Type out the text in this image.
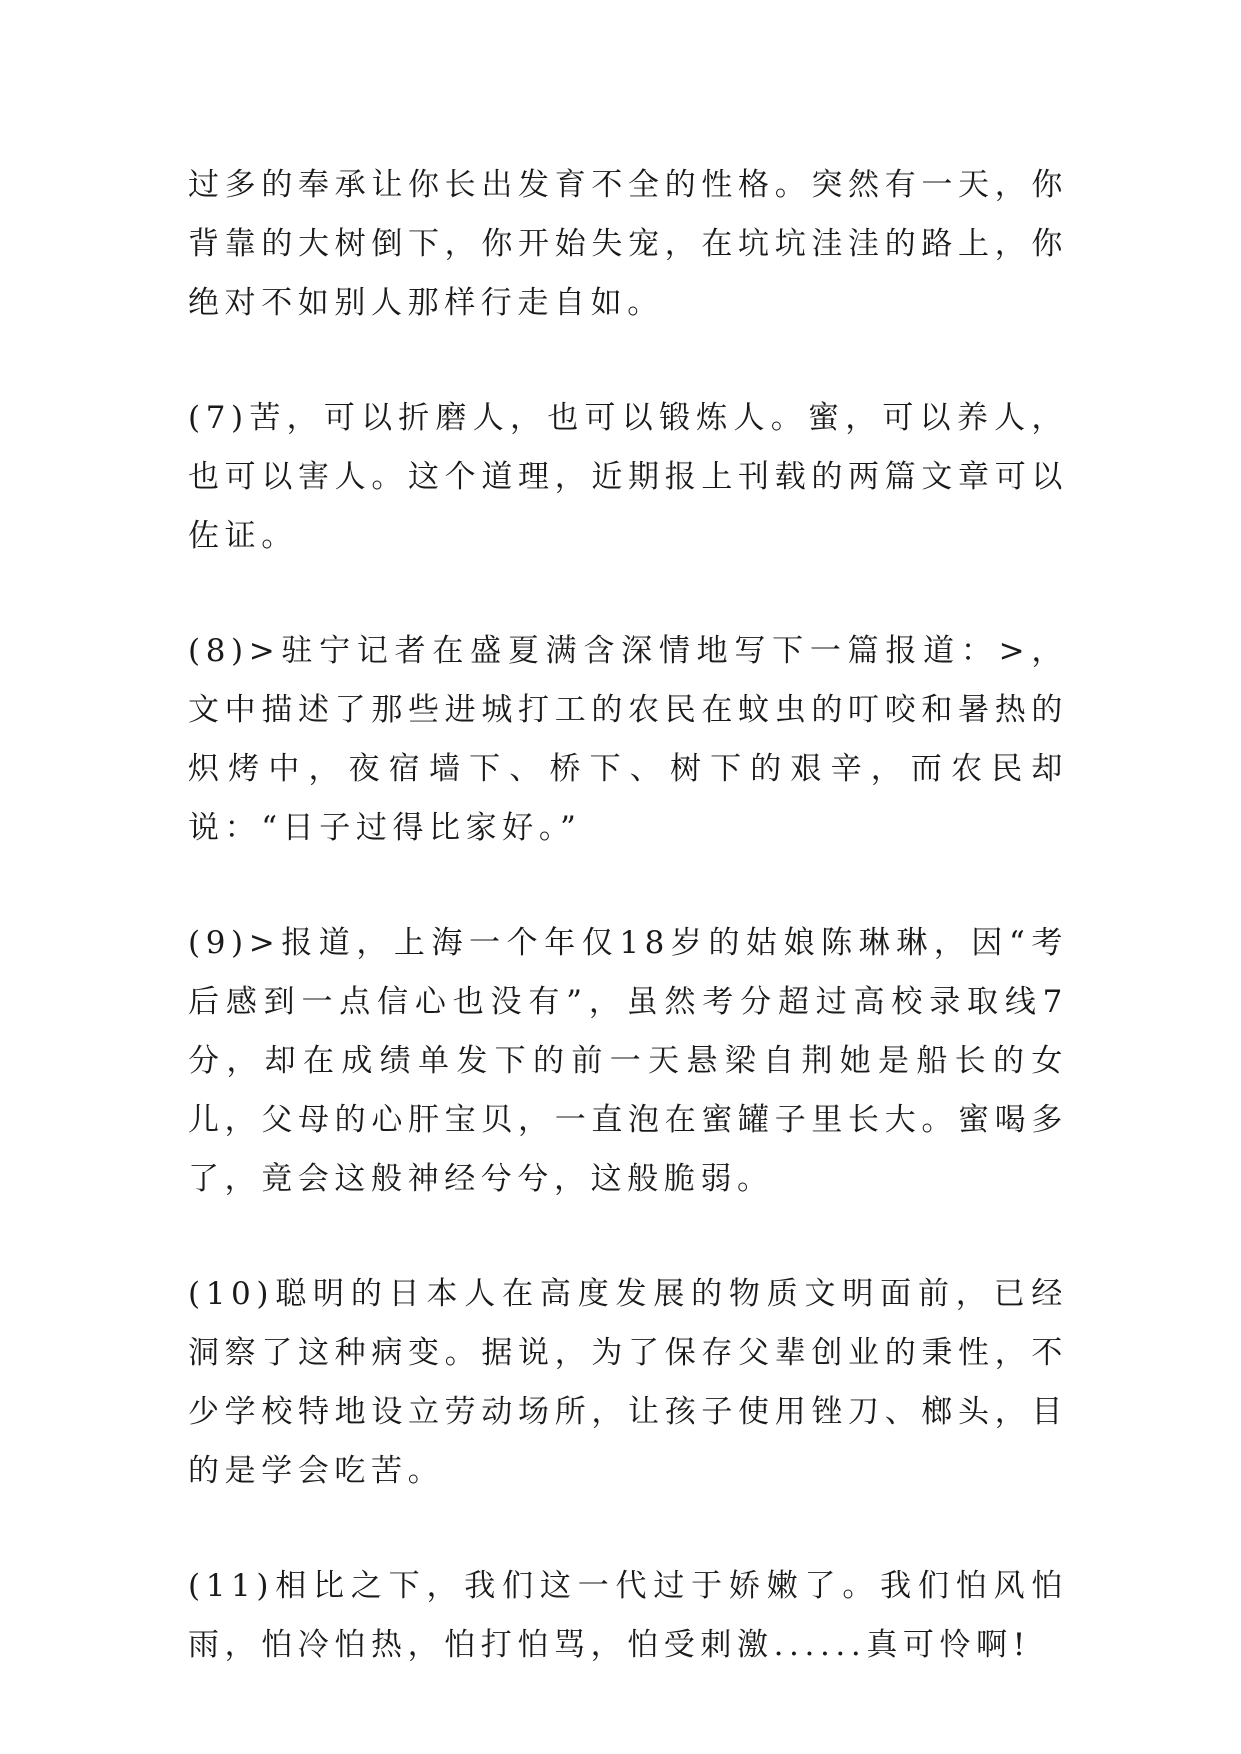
过多的奉承让你长出发育不全的性格。突然有一天，你背靠的大树倒下，你开始失宠，在坑坑洼洼的路上，你绝对不如别人那样行走自如。

(7)苦，可以折磨人，也可以锻炼人。蜜，可以养人，也可以害人。这个道理，近期报上刊载的两篇文章可以佐证。

(8)>驻宁记者在盛夏满含深情地写下一篇报道：>，文中描述了那些进城打工的农民在蚊虫的叮咬和暑热的炽烤中，夜宿墙下、桥下、树下的艰辛，而农民却说：“日子过得比家好。”

(9)>报道，上海一个年仅18岁的姑娘陈琳琳，因“考后感到一点信心也没有”，虽然考分超过高校录取线7分，却在成绩单发下的前一天悬梁自荆她是船长的女儿，父母的心肝宝贝，一直泡在蜜罐子里长大。蜜喝多了，竟会这般神经兮兮，这般脆弱。

(10)聪明的日本人在高度发展的物质文明面前，已经洞察了这种病变。据说，为了保存父辈创业的秉性，不少学校特地设立劳动场所，让孩子使用锉刀、榔头，目的是学会吃苦。

(11)相比之下，我们这一代过于娇嫩了。我们怕风怕雨，怕冷怕热，怕打怕骂，怕受刺激......真可怜啊!
